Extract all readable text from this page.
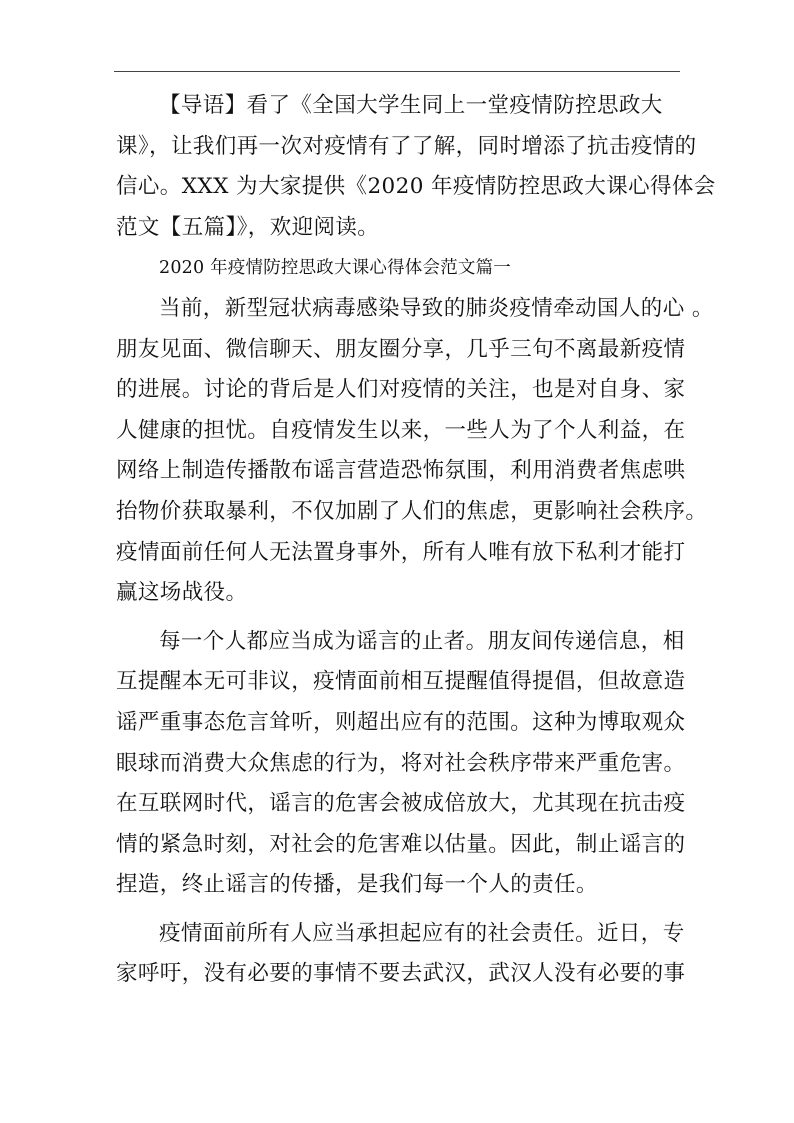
【导语】看了《全国大学生同上一堂疫情防控思政大
课》，让我们再一次对疫情有了了解，同时增添了抗击疫情的
信心。XXX 为大家提供《2020 年疫情防控思政大课心得体会
范文【五篇】》，欢迎阅读。

2020 年疫情防控思政大课心得体会范文篇一

当前，新型冠状病毒感染导致的肺炎疫情牵动国人的心 。
朋友见面、微信聊天、朋友圈分享，几乎三句不离最新疫情
的进展。讨论的背后是人们对疫情的关注，也是对自身、家
人健康的担忧。自疫情发生以来，一些人为了个人利益，在
网络上制造传播散布谣言营造恐怖氛围，利用消费者焦虑哄
抬物价获取暴利，不仅加剧了人们的焦虑，更影响社会秩序。
疫情面前任何人无法置身事外，所有人唯有放下私利才能打
赢这场战役。

每一个人都应当成为谣言的止者。朋友间传递信息，相
互提醒本无可非议，疫情面前相互提醒值得提倡，但故意造
谣严重事态危言耸听，则超出应有的范围。这种为博取观众
眼球而消费大众焦虑的行为，将对社会秩序带来严重危害。
在互联网时代，谣言的危害会被成倍放大，尤其现在抗击疫
情的紧急时刻，对社会的危害难以估量。因此，制止谣言的
捏造，终止谣言的传播，是我们每一个人的责任。

疫情面前所有人应当承担起应有的社会责任。近日，专
家呼吁，没有必要的事情不要去武汉，武汉人没有必要的事
